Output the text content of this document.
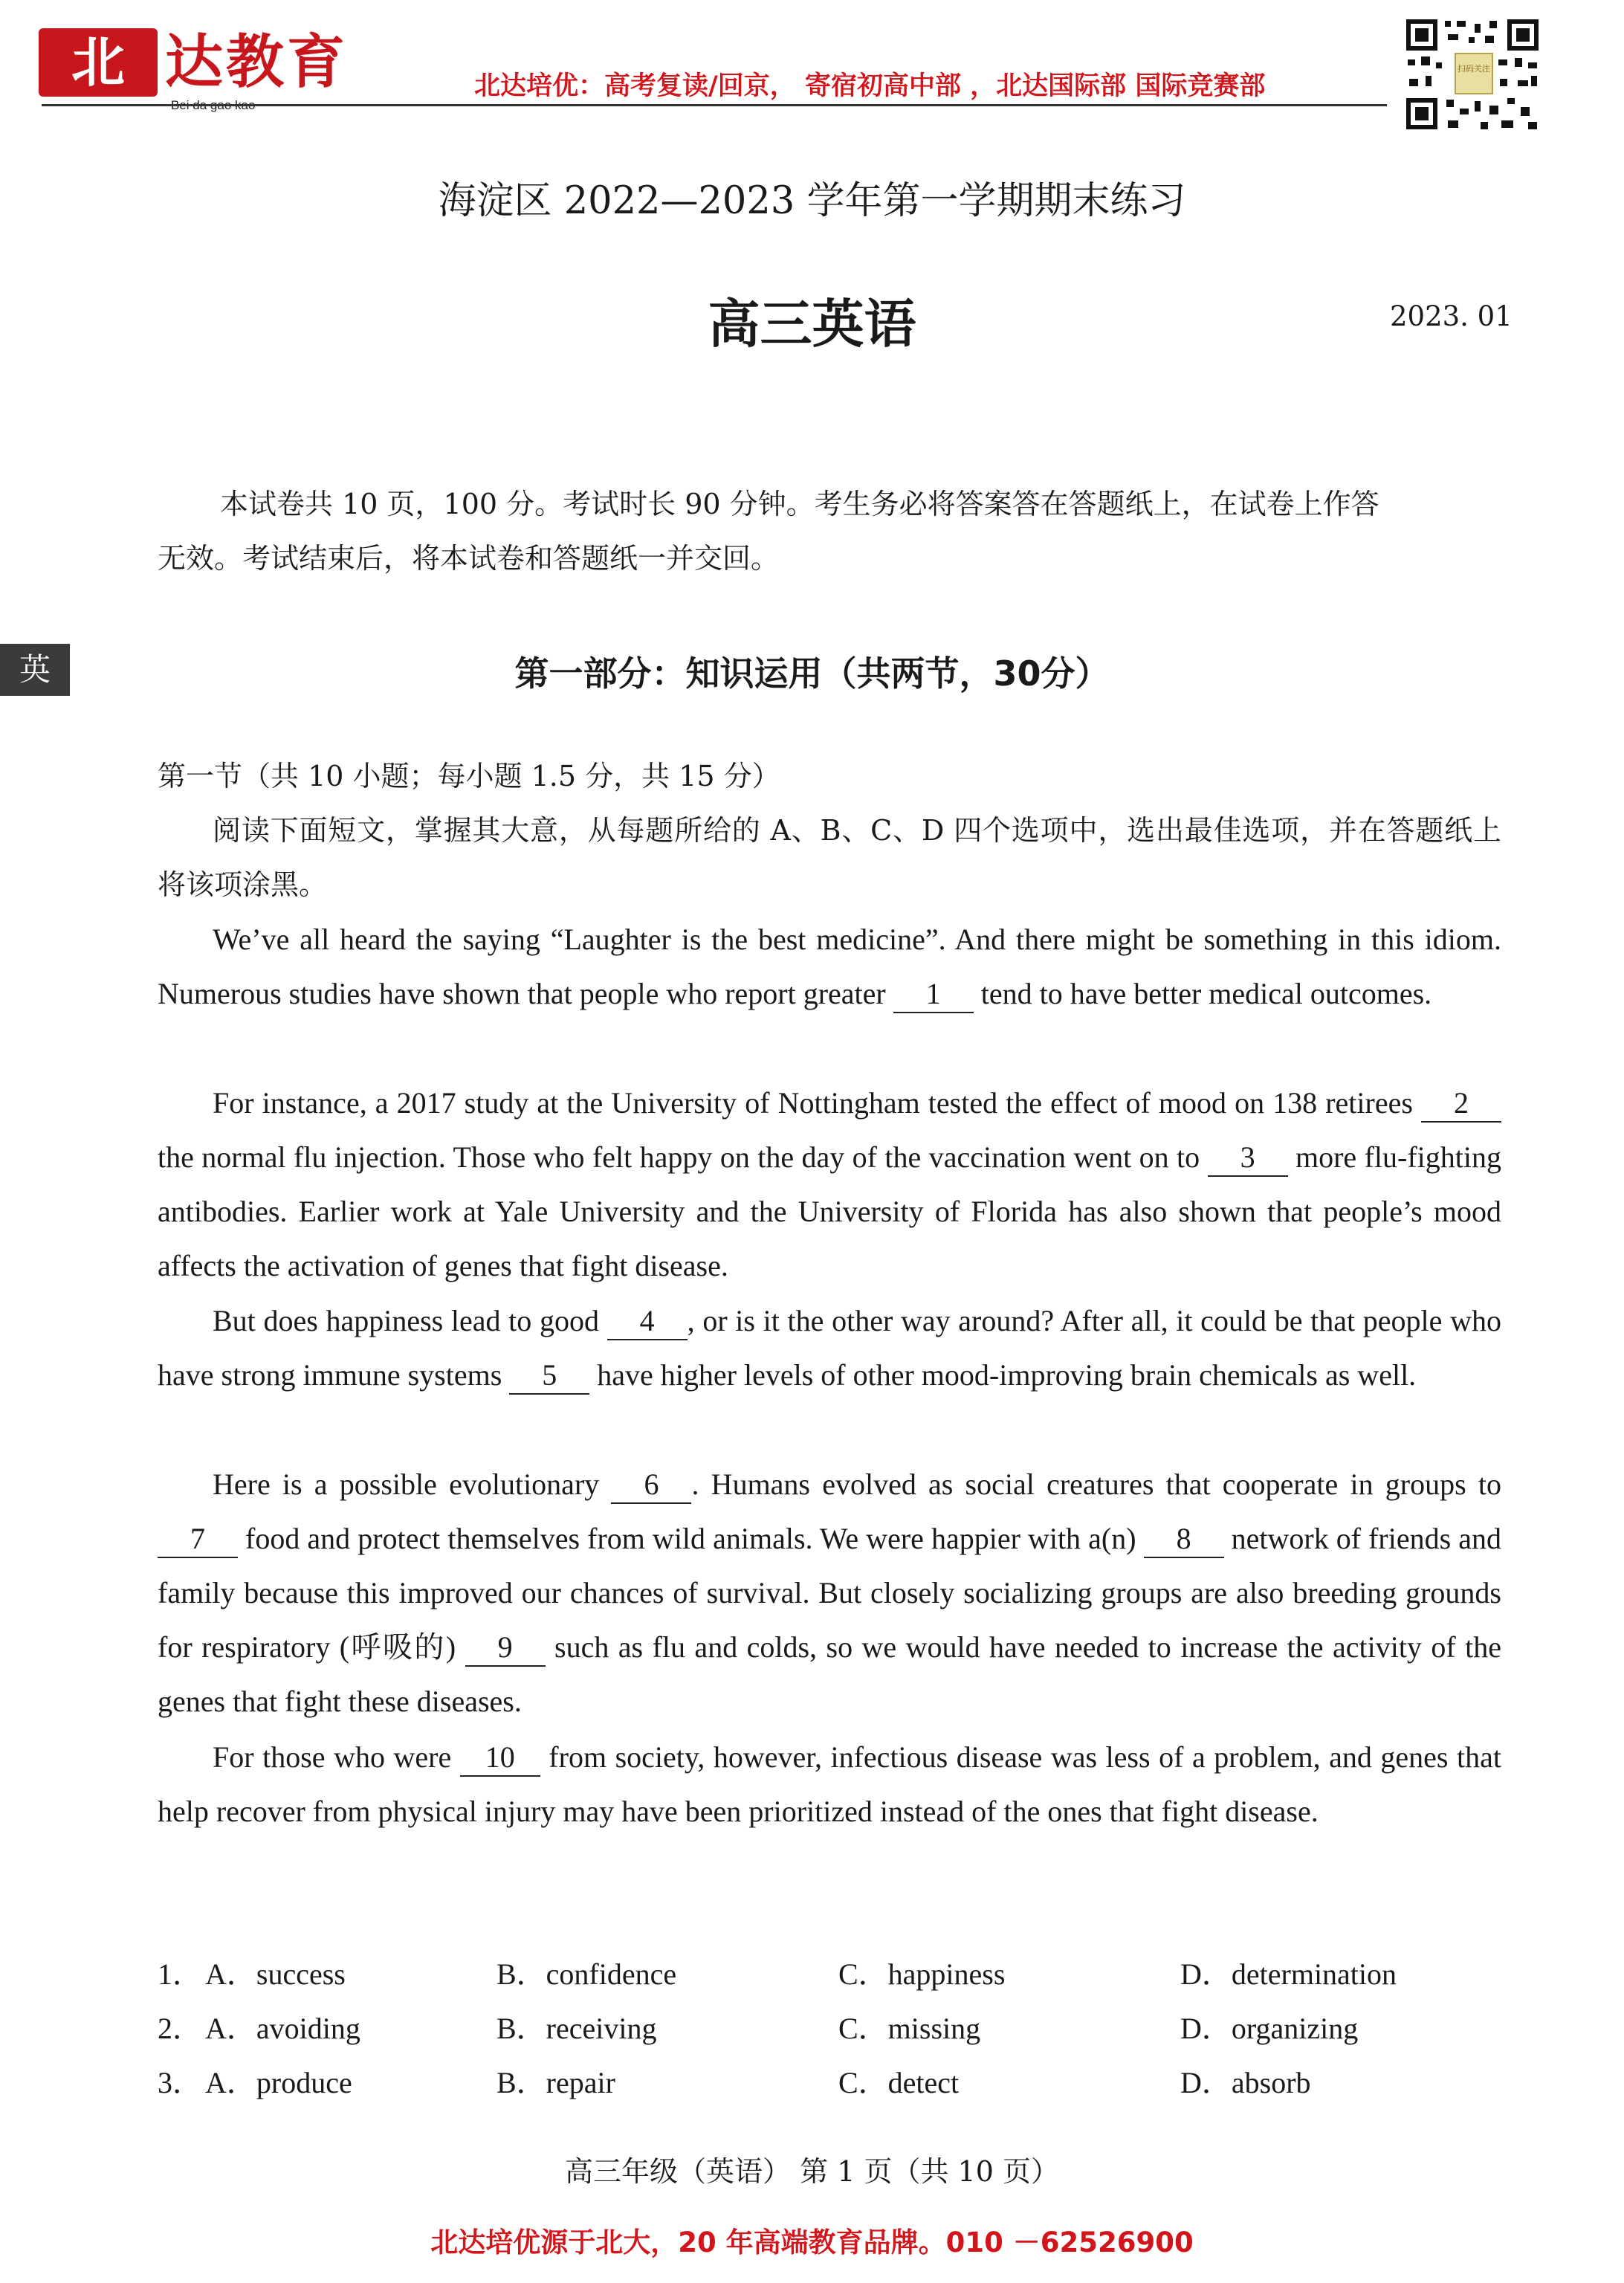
北 达教育	北达培优：高考复读/回京， 寄宿初高中部 ，北达国际部 国际竞赛部
扫码关注
海淀区 2022—2023 学年第一学期期末练习
高三英语	2023. 01
本试卷共 10 页，100 分。考试时长 90 分钟。考生务必将答案答在答题纸上，在试卷上作答
无效。考试结束后，将本试卷和答题纸一并交回。
英	第一部分：知识运用（共两节，30分）
第一节（共 10 小题；每小题 1.5 分，共 15 分）
阅读下面短文，掌握其大意，从每题所给的 A、B、C、D 四个选项中，选出最佳选项，并在答题纸上将该项涂黑。
We’ve all heard the saying “Laughter is the best medicine”. And there might be something in this idiom. Numerous studies have shown that people who report greater 1 tend to have better medical outcomes.
For instance, a 2017 study at the University of Nottingham tested the effect of mood on 138 retirees 2 the normal flu injection. Those who felt happy on the day of the vaccination went on to 3 more flu-fighting antibodies. Earlier work at Yale University and the University of Florida has also shown that people’s mood affects the activation of genes that fight disease.
But does happiness lead to good 4 , or is it the other way around? After all, it could be that people who have strong immune systems 5 have higher levels of other mood-improving brain chemicals as well.
Here is a possible evolutionary 6 . Humans evolved as social creatures that cooperate in groups to 7 food and protect themselves from wild animals. We were happier with a(n) 8 network of friends and family because this improved our chances of survival. But closely socializing groups are also breeding grounds for respiratory (呼吸的) 9 such as flu and colds, so we would have needed to increase the activity of the genes that fight these diseases.
For those who were 10 from society, however, infectious disease was less of a problem, and genes that help recover from physical injury may have been prioritized instead of the ones that fight disease.
1． A．success	B．confidence	C．happiness	D．determination
2． A．avoiding	B．receiving	C．missing	D．organizing
3． A．produce	B．repair	C．detect	D．absorb
高三年级（英语） 第 1 页（共 10 页）
北达培优源于北大，20 年高端教育品牌。010 －62526900
